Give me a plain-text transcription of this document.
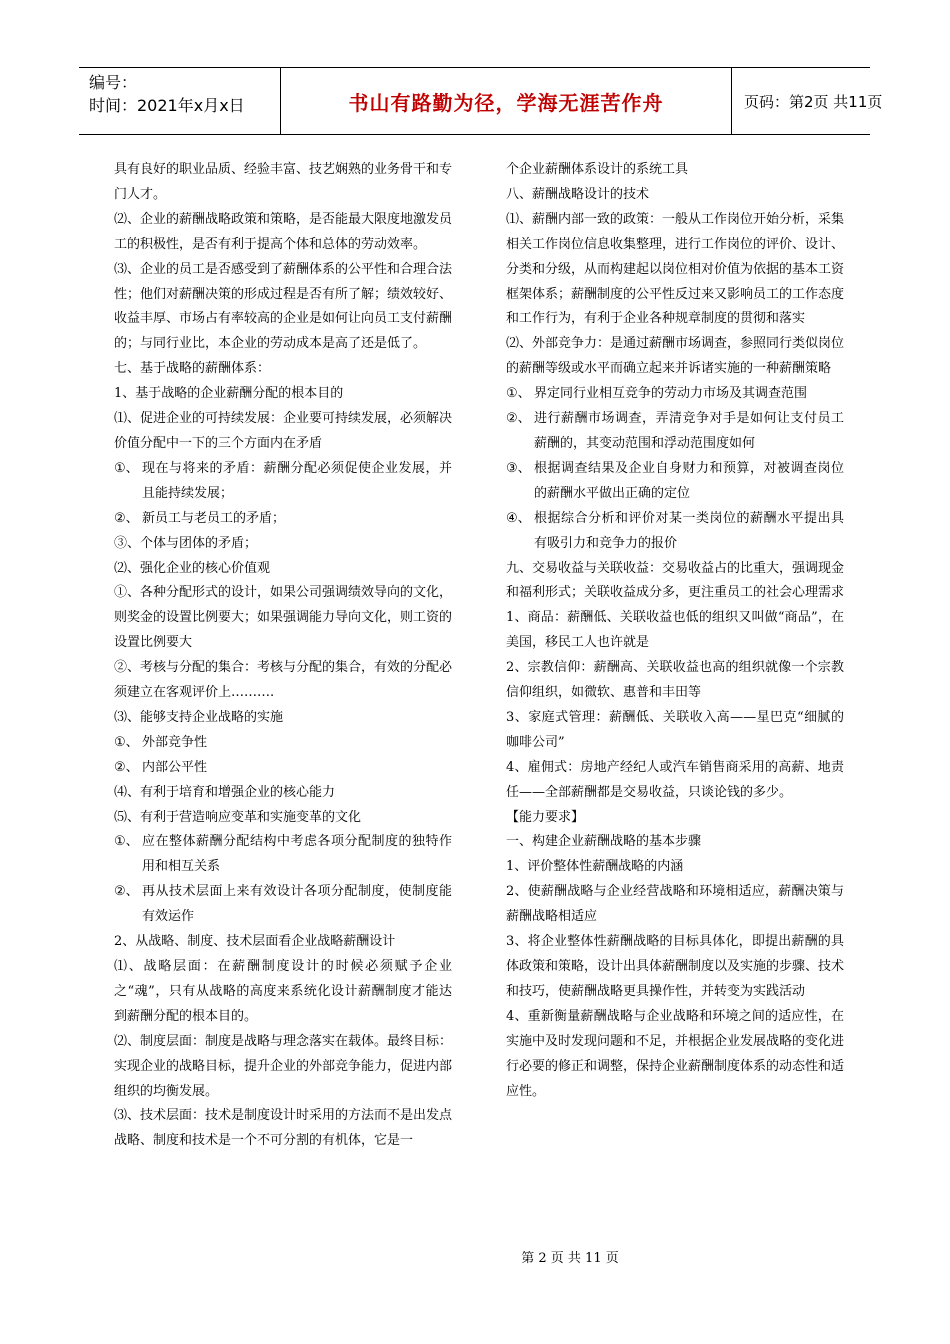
编号：
时间：2021年x月x日	书山有路勤为径，学海无涯苦作舟	页码：第2页 共11页
具有良好的职业品质、经验丰富、技艺娴熟的业务骨干和专门人才。
⑵、企业的薪酬战略政策和策略，是否能最大限度地激发员工的积极性，是否有利于提高个体和总体的劳动效率。
⑶、企业的员工是否感受到了薪酬体系的公平性和合理合法性；他们对薪酬决策的形成过程是否有所了解；绩效较好、收益丰厚、市场占有率较高的企业是如何让向员工支付薪酬的；与同行业比，本企业的劳动成本是高了还是低了。
七、基于战略的薪酬体系：
1、基于战略的企业薪酬分配的根本目的
⑴、促进企业的可持续发展：企业要可持续发展，必须解决价值分配中一下的三个方面内在矛盾
①、 现在与将来的矛盾：薪酬分配必须促使企业发展，并且能持续发展；
②、 新员工与老员工的矛盾；
③、个体与团体的矛盾；
⑵、强化企业的核心价值观
①、各种分配形式的设计，如果公司强调绩效导向的文化，则奖金的设置比例要大；如果强调能力导向文化，则工资的设置比例要大
②、考核与分配的集合：考核与分配的集合，有效的分配必须建立在客观评价上……….
⑶、能够支持企业战略的实施
①、 外部竞争性
②、 内部公平性
⑷、有利于培育和增强企业的核心能力
⑸、有利于营造响应变革和实施变革的文化
①、 应在整体薪酬分配结构中考虑各项分配制度的独特作用和相互关系
②、 再从技术层面上来有效设计各项分配制度，使制度能有效运作
2、从战略、制度、技术层面看企业战略薪酬设计
⑴、战略层面：在薪酬制度设计的时候必须赋予企业之“魂”，只有从战略的高度来系统化设计薪酬制度才能达到薪酬分配的根本目的。
⑵、制度层面：制度是战略与理念落实在载体。最终目标：实现企业的战略目标，提升企业的外部竞争能力，促进内部组织的均衡发展。
⑶、技术层面：技术是制度设计时采用的方法而不是出发点
战略、制度和技术是一个不可分割的有机体，它是一
个企业薪酬体系设计的系统工具
八、薪酬战略设计的技术
⑴、薪酬内部一致的政策：一般从工作岗位开始分析，采集相关工作岗位信息收集整理，进行工作岗位的评价、设计、分类和分级，从而构建起以岗位相对价值为依据的基本工资框架体系；薪酬制度的公平性反过来又影响员工的工作态度和工作行为，有利于企业各种规章制度的贯彻和落实
⑵、外部竞争力：是通过薪酬市场调查，参照同行类似岗位的薪酬等级或水平而确立起来并诉诸实施的一种薪酬策略
①、 界定同行业相互竞争的劳动力市场及其调查范围
②、 进行薪酬市场调查，弄清竞争对手是如何让支付员工薪酬的，其变动范围和浮动范围度如何
③、 根据调查结果及企业自身财力和预算，对被调查岗位的薪酬水平做出正确的定位
④、 根据综合分析和评价对某一类岗位的薪酬水平提出具有吸引力和竞争力的报价
九、交易收益与关联收益：交易收益占的比重大，强调现金和福利形式；关联收益成分多，更注重员工的社会心理需求
1、商品：薪酬低、关联收益也低的组织又叫做“商品”，在美国，移民工人也许就是
2、宗教信仰：薪酬高、关联收益也高的组织就像一个宗教信仰组织，如微软、惠普和丰田等
3、家庭式管理：薪酬低、关联收入高——星巴克“细腻的咖啡公司”
4、雇佣式：房地产经纪人或汽车销售商采用的高薪、地责任——全部薪酬都是交易收益，只谈论钱的多少。
【能力要求】
一、构建企业薪酬战略的基本步骤
1、评价整体性薪酬战略的内涵
2、使薪酬战略与企业经营战略和环境相适应，薪酬决策与薪酬战略相适应
3、将企业整体性薪酬战略的目标具体化，即提出薪酬的具体政策和策略，设计出具体薪酬制度以及实施的步骤、技术和技巧，使薪酬战略更具操作性，并转变为实践活动
4、重新衡量薪酬战略与企业战略和环境之间的适应性，在实施中及时发现问题和不足，并根据企业发展战略的变化进行必要的修正和调整，保持企业薪酬制度体系的动态性和适应性。
第 2 页 共 11 页
